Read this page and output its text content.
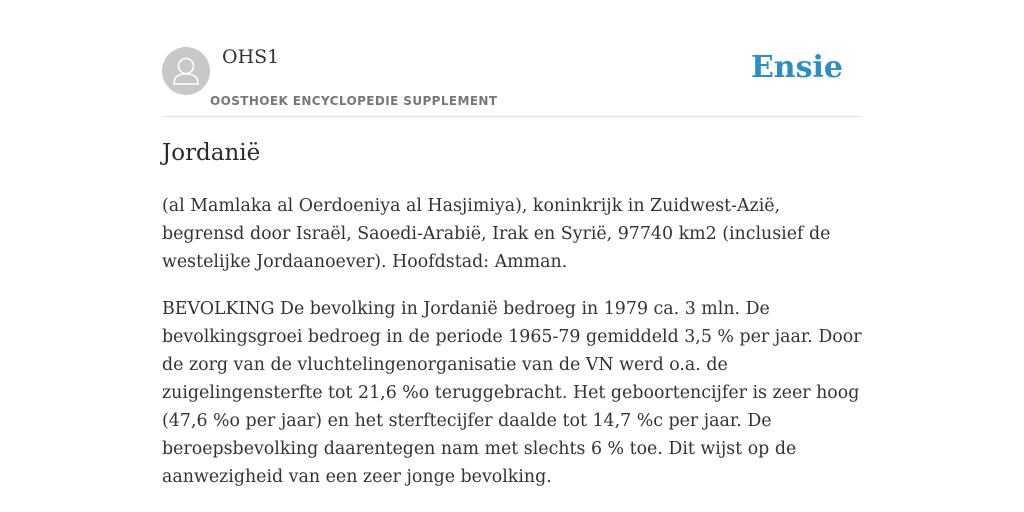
OHS1
OOSTHOEK ENCYCLOPEDIE SUPPLEMENT
Ensie
Jordanië

(al Mamlaka al Oerdoeniya al Hasjimiya), koninkrijk in Zuidwest-Azië, begrensd door Israël, Saoedi-Arabië, Irak en Syrië, 97740 km2 (inclusief de westelijke Jordaanoever). Hoofdstad: Amman.

BEVOLKING De bevolking in Jordanië bedroeg in 1979 ca. 3 mln. De bevolkingsgroei bedroeg in de periode 1965-79 gemiddeld 3,5 % per jaar. Door de zorg van de vluchtelingenorganisatie van de VN werd o.a. de zuigelingensterfte tot 21,6 %o teruggebracht. Het geboortencijfer is zeer hoog (47,6 %o per jaar) en het sterftecijfer daalde tot 14,7 %c per jaar. De beroepsbevolking daarentegen nam met slechts 6 % toe. Dit wijst op de aanwezigheid van een zeer jonge bevolking.
